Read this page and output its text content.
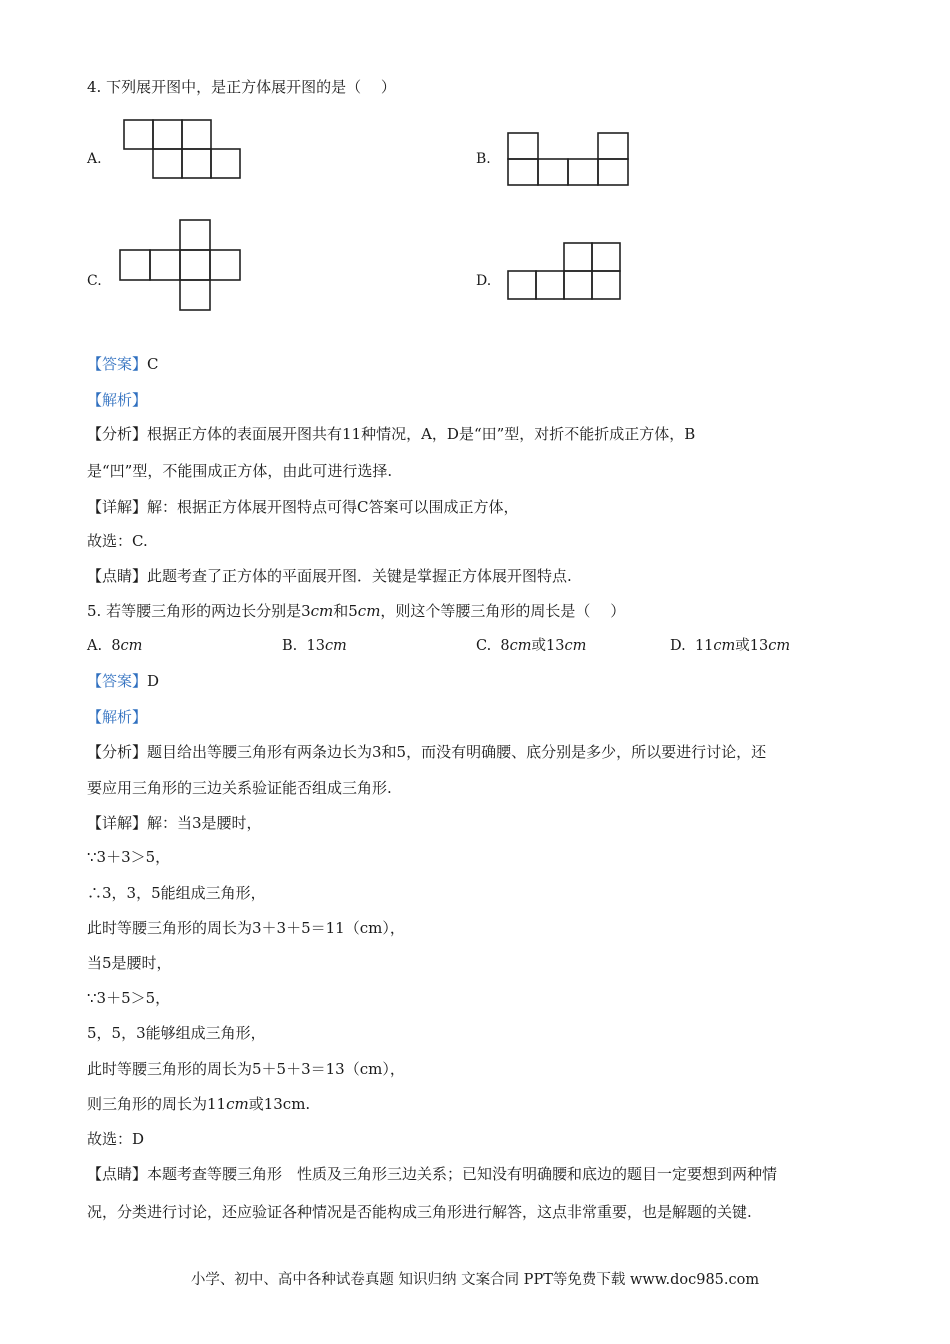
4. 下列展开图中，是正方体展开图的是（　 ）
A.	B.
C.	D.
【答案】C
【解析】
【分析】根据正方体的表面展开图共有11种情况，A，D是“田”型，对折不能折成正方体，B
是“凹”型，不能围成正方体，由此可进行选择.
【详解】解：根据正方体展开图特点可得C答案可以围成正方体，
故选：C.
【点睛】此题考查了正方体的平面展开图．关键是掌握正方体展开图特点.
5. 若等腰三角形的两边长分别是3cm和5cm，则这个等腰三角形的周长是（　 ）
A. 8cm	B. 13cm	C. 8cm或13cm	D. 11cm或13cm
【答案】D
【解析】
【分析】题目给出等腰三角形有两条边长为3和5，而没有明确腰、底分别是多少，所以要进行讨论，还
要应用三角形的三边关系验证能否组成三角形.
【详解】解：当3是腰时，
∵3＋3＞5，
∴3，3，5能组成三角形，
此时等腰三角形的周长为3＋3＋5＝11（cm），
当5是腰时，
∵3＋5＞5，
5，5，3能够组成三角形，
此时等腰三角形的周长为5＋5＋3＝13（cm），
则三角形的周长为11cm或13cm.
故选：D
【点睛】本题考查等腰三角形　性质及三角形三边关系；已知没有明确腰和底边的题目一定要想到两种情
况，分类进行讨论，还应验证各种情况是否能构成三角形进行解答，这点非常重要，也是解题的关键.
小学、初中、高中各种试卷真题 知识归纳 文案合同 PPT等免费下载 www.doc985.com
